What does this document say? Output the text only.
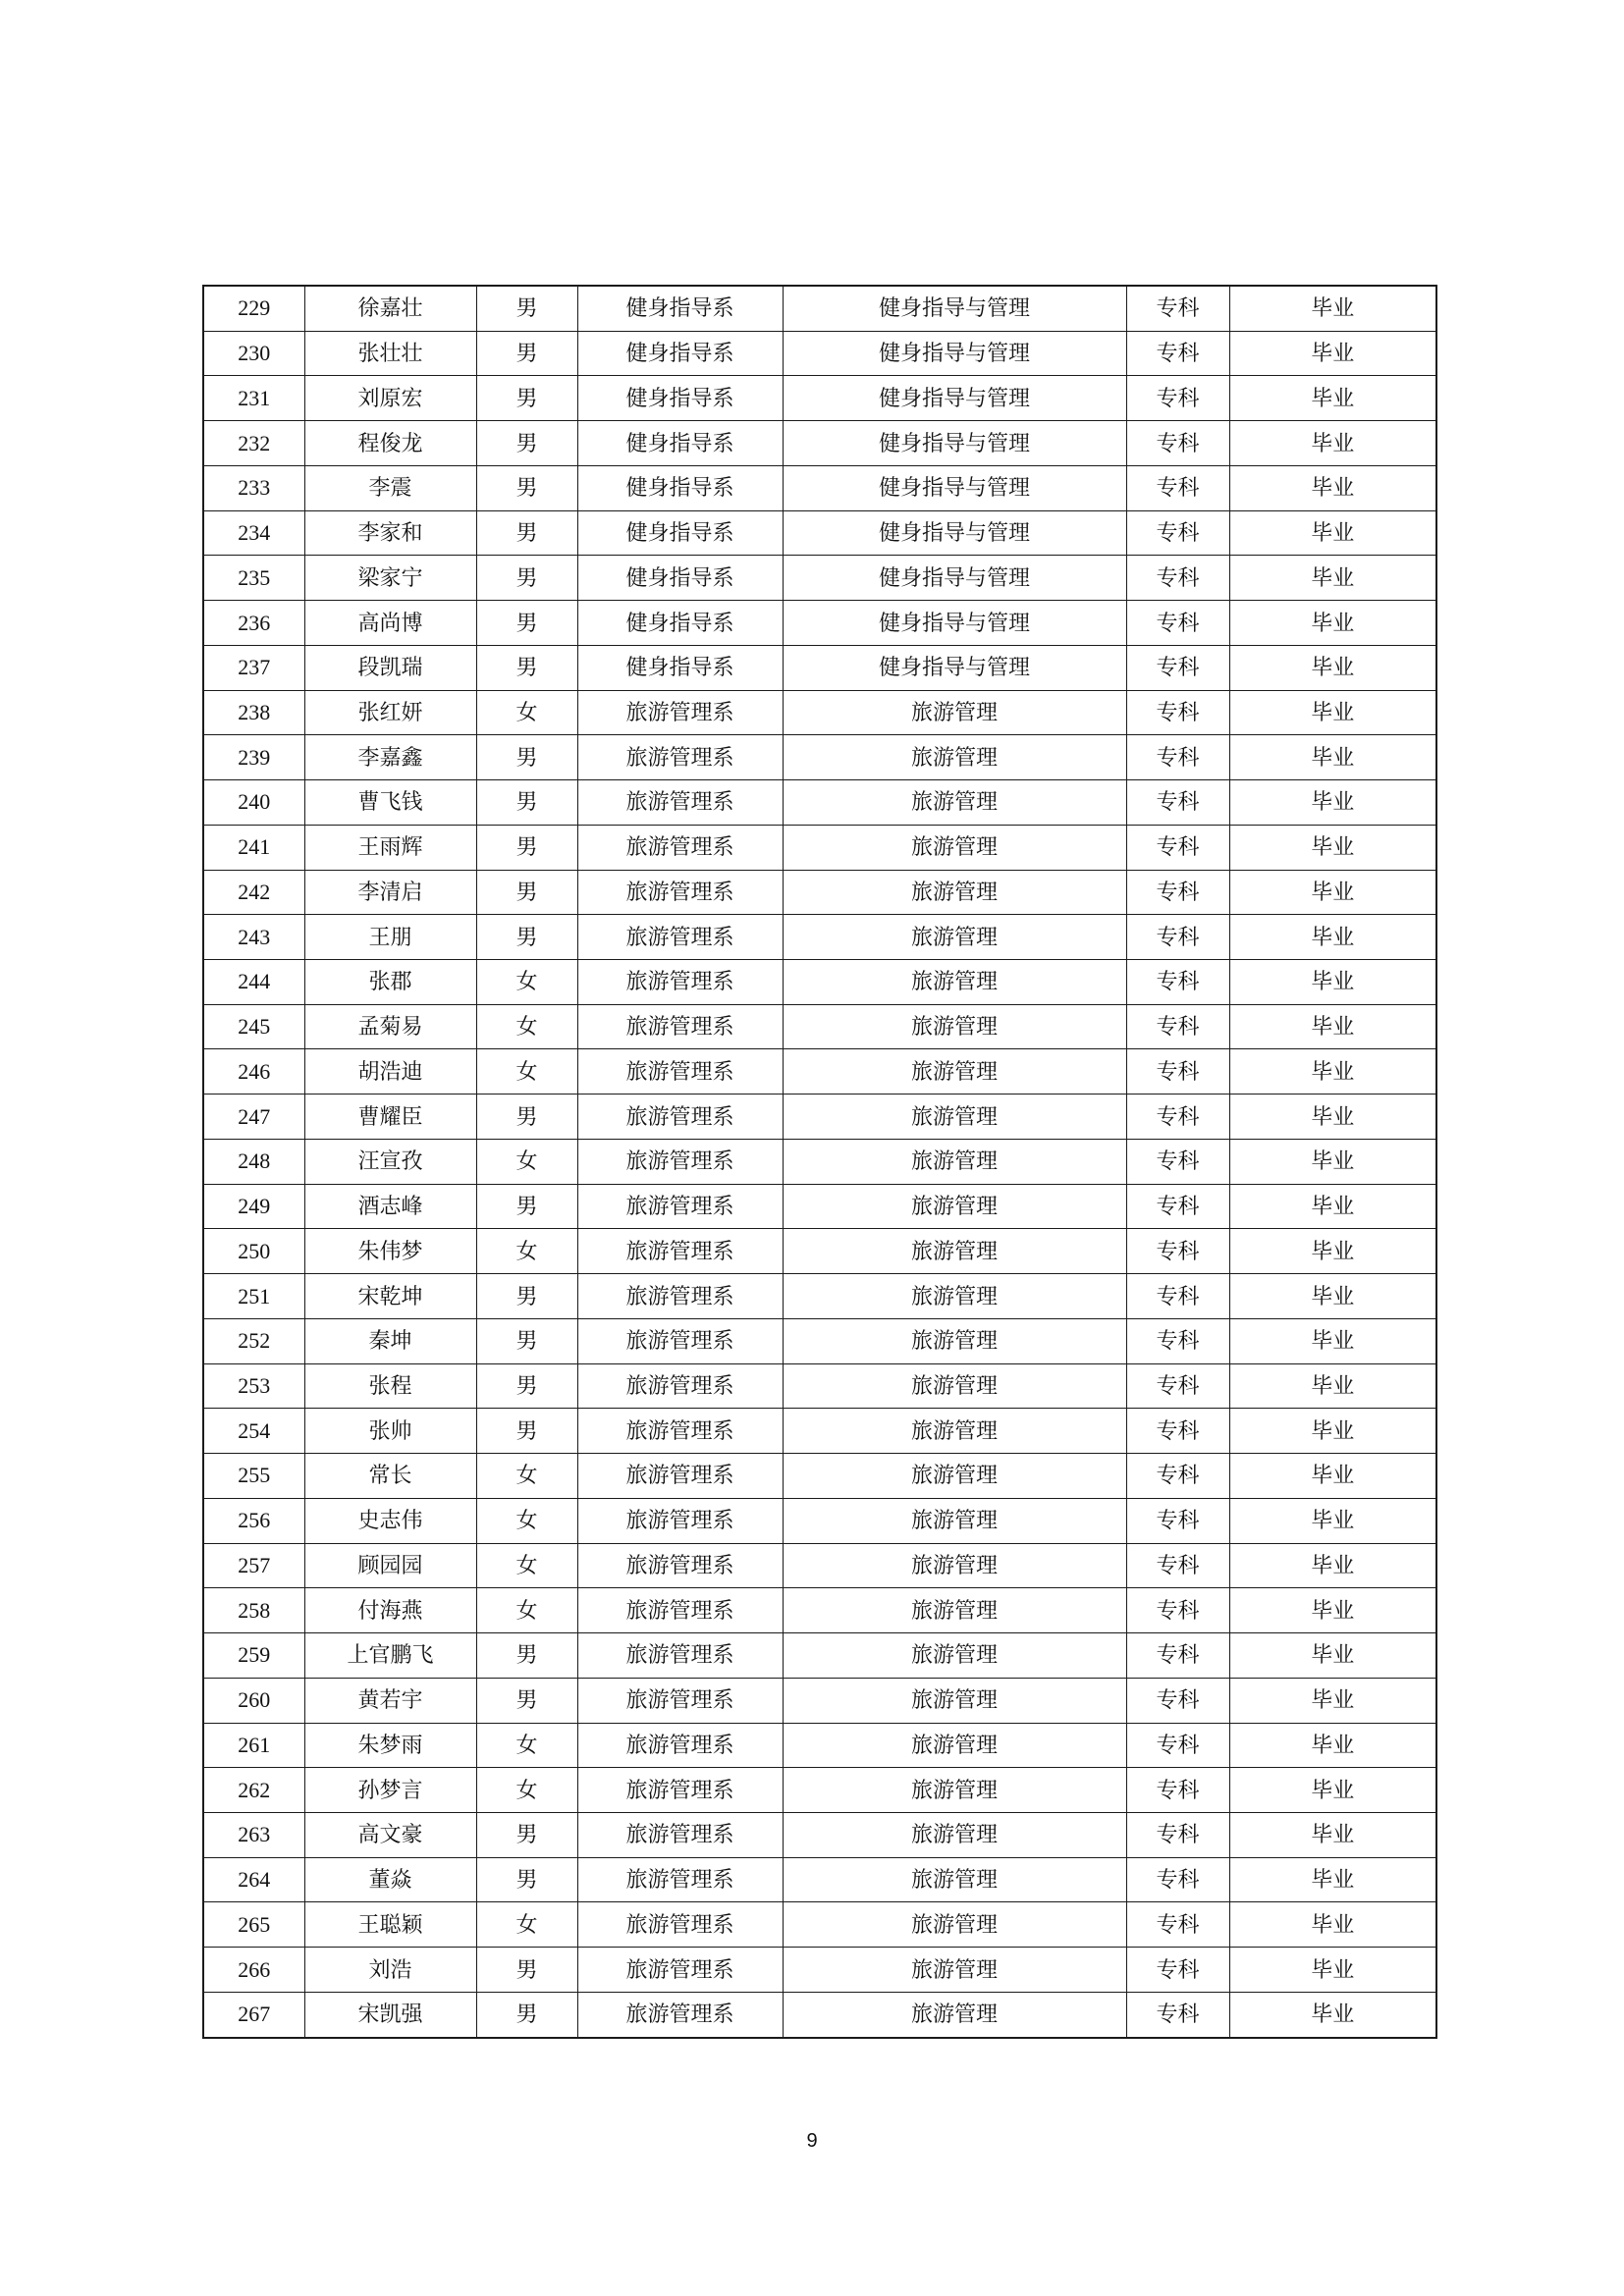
229	徐嘉壮	男	健身指导系	健身指导与管理	专科	毕业
230	张壮壮	男	健身指导系	健身指导与管理	专科	毕业
231	刘原宏	男	健身指导系	健身指导与管理	专科	毕业
232	程俊龙	男	健身指导系	健身指导与管理	专科	毕业
233	李震	男	健身指导系	健身指导与管理	专科	毕业
234	李家和	男	健身指导系	健身指导与管理	专科	毕业
235	梁家宁	男	健身指导系	健身指导与管理	专科	毕业
236	高尚博	男	健身指导系	健身指导与管理	专科	毕业
237	段凯瑞	男	健身指导系	健身指导与管理	专科	毕业
238	张红妍	女	旅游管理系	旅游管理	专科	毕业
239	李嘉鑫	男	旅游管理系	旅游管理	专科	毕业
240	曹飞钱	男	旅游管理系	旅游管理	专科	毕业
241	王雨辉	男	旅游管理系	旅游管理	专科	毕业
242	李清启	男	旅游管理系	旅游管理	专科	毕业
243	王朋	男	旅游管理系	旅游管理	专科	毕业
244	张郡	女	旅游管理系	旅游管理	专科	毕业
245	孟菊易	女	旅游管理系	旅游管理	专科	毕业
246	胡浩迪	女	旅游管理系	旅游管理	专科	毕业
247	曹耀臣	男	旅游管理系	旅游管理	专科	毕业
248	汪宣孜	女	旅游管理系	旅游管理	专科	毕业
249	酒志峰	男	旅游管理系	旅游管理	专科	毕业
250	朱伟梦	女	旅游管理系	旅游管理	专科	毕业
251	宋乾坤	男	旅游管理系	旅游管理	专科	毕业
252	秦坤	男	旅游管理系	旅游管理	专科	毕业
253	张程	男	旅游管理系	旅游管理	专科	毕业
254	张帅	男	旅游管理系	旅游管理	专科	毕业
255	常长	女	旅游管理系	旅游管理	专科	毕业
256	史志伟	女	旅游管理系	旅游管理	专科	毕业
257	顾园园	女	旅游管理系	旅游管理	专科	毕业
258	付海燕	女	旅游管理系	旅游管理	专科	毕业
259	上官鹏飞	男	旅游管理系	旅游管理	专科	毕业
260	黄若宇	男	旅游管理系	旅游管理	专科	毕业
261	朱梦雨	女	旅游管理系	旅游管理	专科	毕业
262	孙梦言	女	旅游管理系	旅游管理	专科	毕业
263	高文豪	男	旅游管理系	旅游管理	专科	毕业
264	董焱	男	旅游管理系	旅游管理	专科	毕业
265	王聪颖	女	旅游管理系	旅游管理	专科	毕业
266	刘浩	男	旅游管理系	旅游管理	专科	毕业
267	宋凯强	男	旅游管理系	旅游管理	专科	毕业
9
